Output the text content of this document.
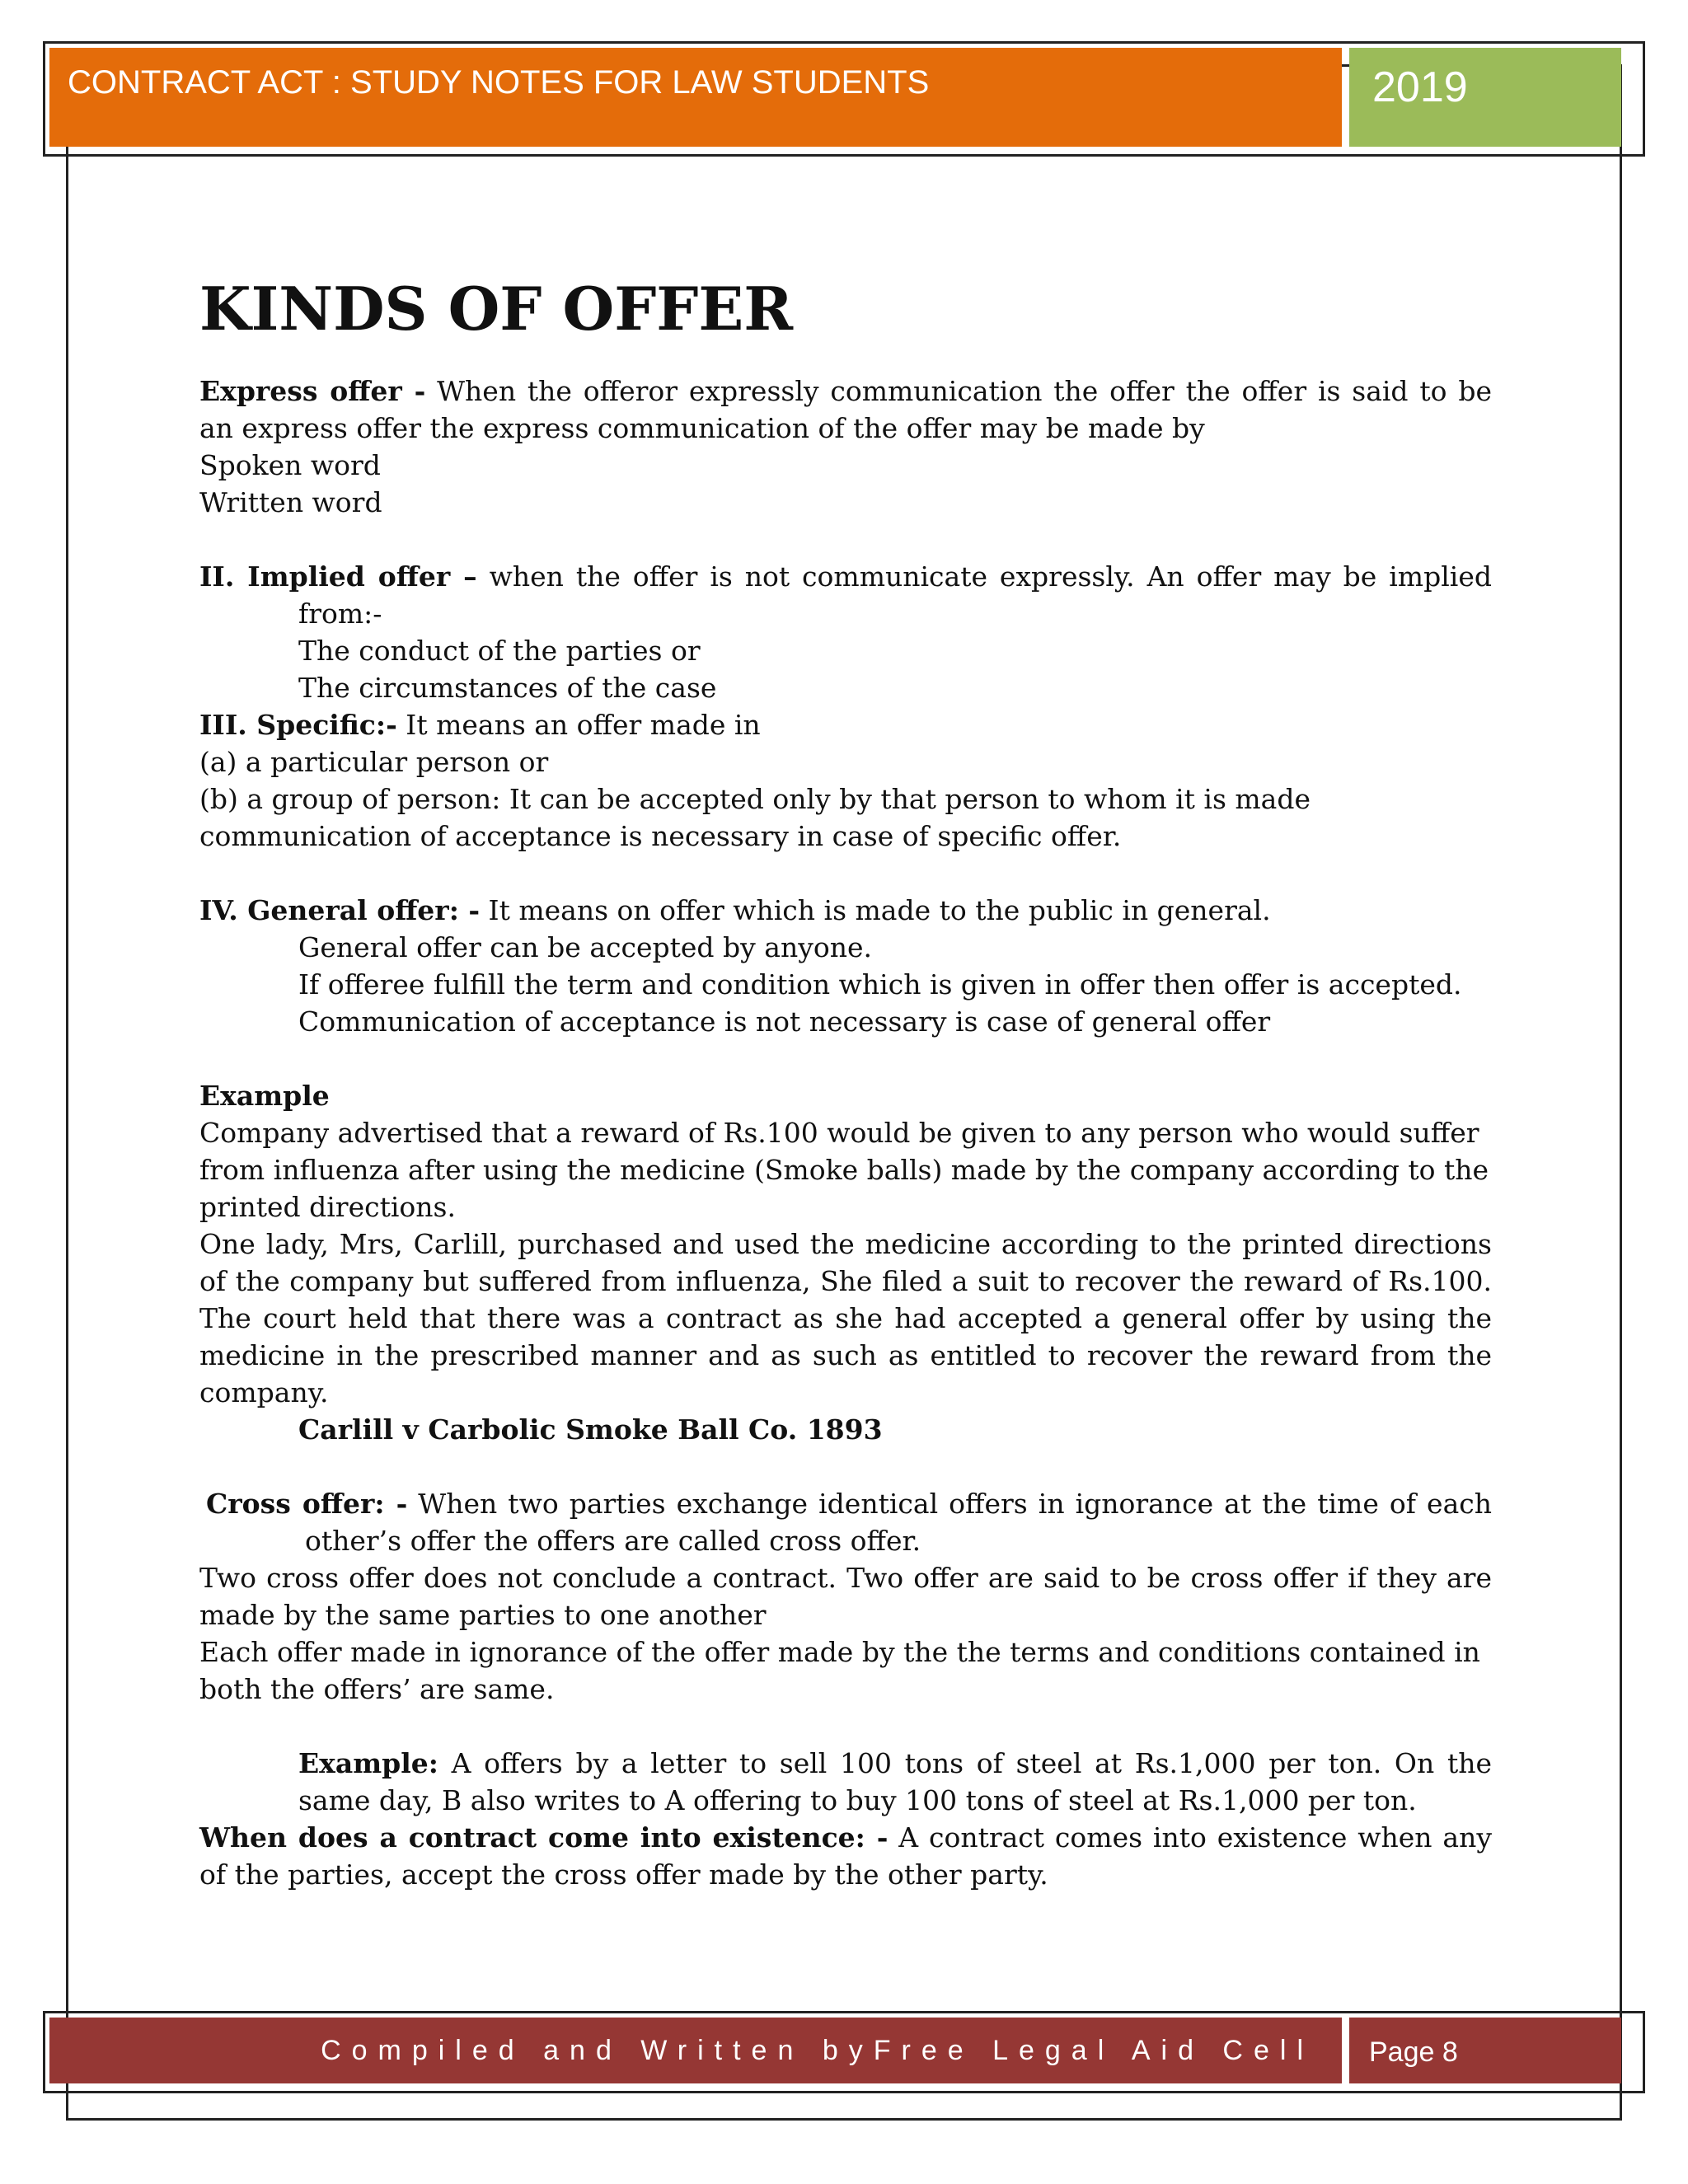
CONTRACT ACT : STUDY NOTES FOR LAW STUDENTS	2019
KINDS OF OFFER

Express offer - When the offeror expressly communication the offer the offer is said to be an express offer the express communication of the offer may be made by

Spoken word

Written word

II. Implied offer – when the offer is not communicate expressly. An offer may be implied from:-

The conduct of the parties or

The circumstances of the case

III. Specific:- It means an offer made in

(a) a particular person or

(b) a group of person: It can be accepted only by that person to whom it is made

communication of acceptance is necessary in case of specific offer.

IV. General offer: - It means on offer which is made to the public in general.

General offer can be accepted by anyone.

If offeree fulfill the term and condition which is given in offer then offer is accepted.

Communication of acceptance is not necessary is case of general offer

Example

Company advertised that a reward of Rs.100 would be given to any person who would suffer from influenza after using the medicine (Smoke balls) made by the company according to the printed directions.

One lady, Mrs, Carlill, purchased and used the medicine according to the printed directions of the company but suffered from influenza, She filed a suit to recover the reward of Rs.100. The court held that there was a contract as she had accepted a general offer by using the medicine in the prescribed manner and as such as entitled to recover the reward from the company.

Carlill v Carbolic Smoke Ball Co. 1893

Cross offer: - When two parties exchange identical offers in ignorance at the time of each other’s offer the offers are called cross offer.

Two cross offer does not conclude a contract. Two offer are said to be cross offer if they are made by the same parties to one another

Each offer made in ignorance of the offer made by the the terms and conditions contained in both the offers’ are same.

Example: A offers by a letter to sell 100 tons of steel at Rs.1,000 per ton. On the same day, B also writes to A offering to buy 100 tons of steel at Rs.1,000 per ton.

When does a contract come into existence: - A contract comes into existence when any of the parties, accept the cross offer made by the other party.

Compiled and Written byFree Legal Aid Cell	Page 8
